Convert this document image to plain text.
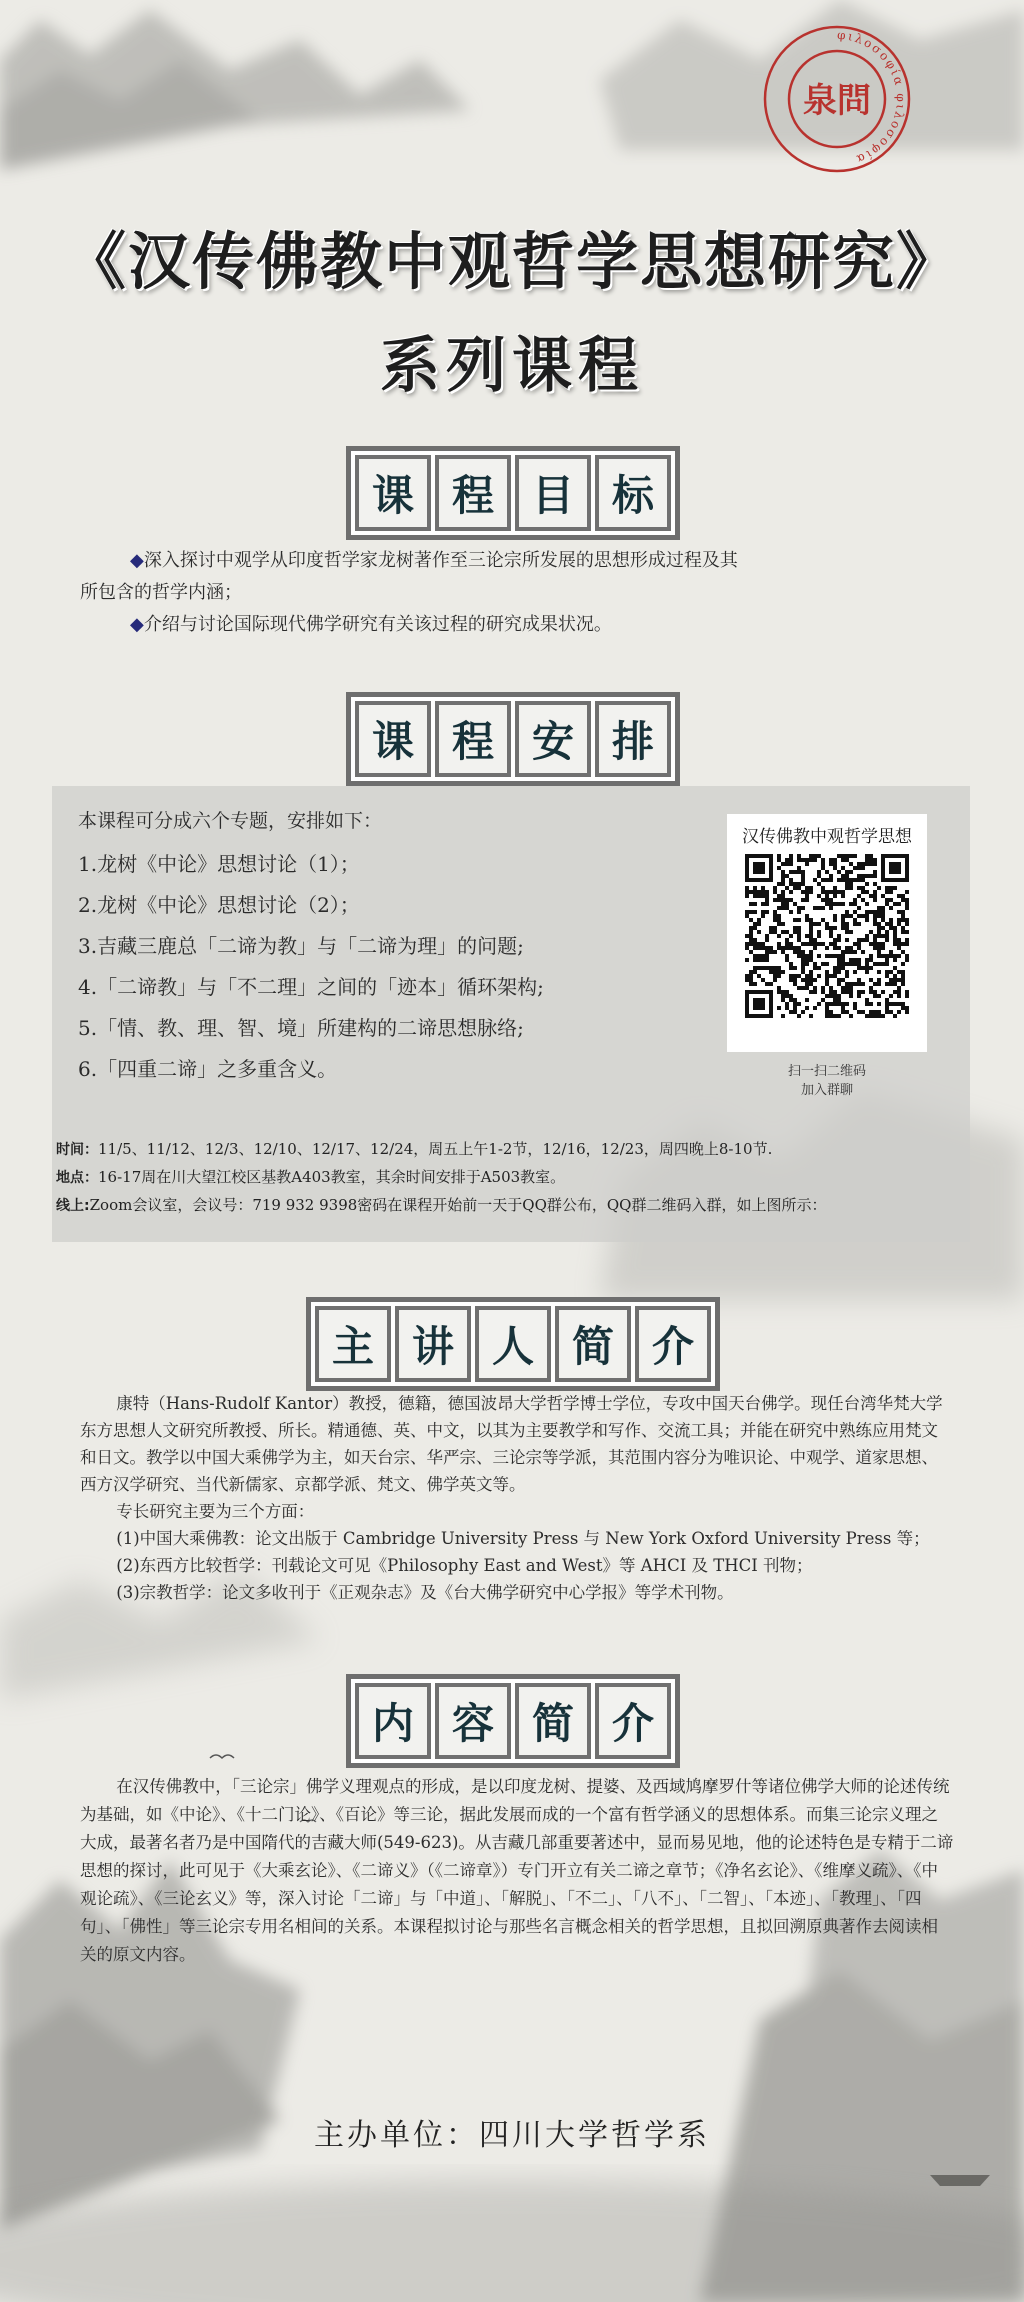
φιλοσοφία φιλοσοφία
泉問
《汉传佛教中观哲学思想研究》
系列课程
课 程 目 标

◆深入探讨中观学从印度哲学家龙树著作至三论宗所发展的思想形成过程及其

所包含的哲学内涵；

◆介绍与讨论国际现代佛学研究有关该过程的研究成果状况。

课 程 安 排
本课程可分成六个专题，安排如下：
1.龙树《中论》思想讨论（1）；
2.龙树《中论》思想讨论（2）；
3.吉藏三鹿总「二谛为教」与「二谛为理」的问题;
4.「二谛教」与「不二理」之间的「迹本」循环架构;
5.「情、教、理、智、境」所建构的二谛思想脉络;
6.「四重二谛」之多重含义。
汉传佛教中观哲学思想
扫一扫二维码
加入群聊
时间：11/5、11/12、12/3、12/10、12/17、12/24，周五上午1-2节，12/16，12/23，周四晚上8-10节.
地点：16-17周在川大望江校区基教A403教室，其余时间安排于A503教室。
线上:Zoom会议室，会议号：719 932 9398密码在课程开始前一天于QQ群公布，QQ群二维码入群，如上图所示：
主 讲 人 简 介

康特（Hans-Rudolf Kantor）教授，德籍，德国波昂大学哲学博士学位，专攻中国天台佛学。现任台湾华梵大学东方思想人文研究所教授、所长。精通德、英、中文，以其为主要教学和写作、交流工具；并能在研究中熟练应用梵文和日文。教学以中国大乘佛学为主，如天台宗、华严宗、三论宗等学派，其范围内容分为唯识论、中观学、道家思想、西方汉学研究、当代新儒家、京都学派、梵文、佛学英文等。

专长研究主要为三个方面：

(1)中国大乘佛教：论文出版于 Cambridge University Press 与 New York Oxford University Press 等；

(2)东西方比较哲学：刊载论文可见《Philosophy East and West》等 AHCI 及 THCI 刊物；

(3)宗教哲学：论文多收刊于《正观杂志》及《台大佛学研究中心学报》等学术刊物。

内 容 简 介

在汉传佛教中，「三论宗」佛学义理观点的形成，是以印度龙树、提婆、及西域鸠摩罗什等诸位佛学大师的论述传统为基础，如《中论》、《十二门论》、《百论》等三论，据此发展而成的一个富有哲学涵义的思想体系。而集三论宗义理之大成，最著名者乃是中国隋代的吉藏大师(549-623)。从吉藏几部重要著述中，显而易见地，他的论述特色是专精于二谛思想的探讨，此可见于《大乘玄论》、《二谛义》（《二谛章》）专门开立有关二谛之章节；《净名玄论》、《维摩义疏》、《中观论疏》、《三论玄义》等，深入讨论「二谛」与「中道」、「解脱」、「不二」、「八不」、「二智」、「本迹」、「教理」、「四句」、「佛性」等三论宗专用名相间的关系。本课程拟讨论与那些名言概念相关的哲学思想，且拟回溯原典著作去阅读相关的原文内容。

主办单位：四川大学哲学系
